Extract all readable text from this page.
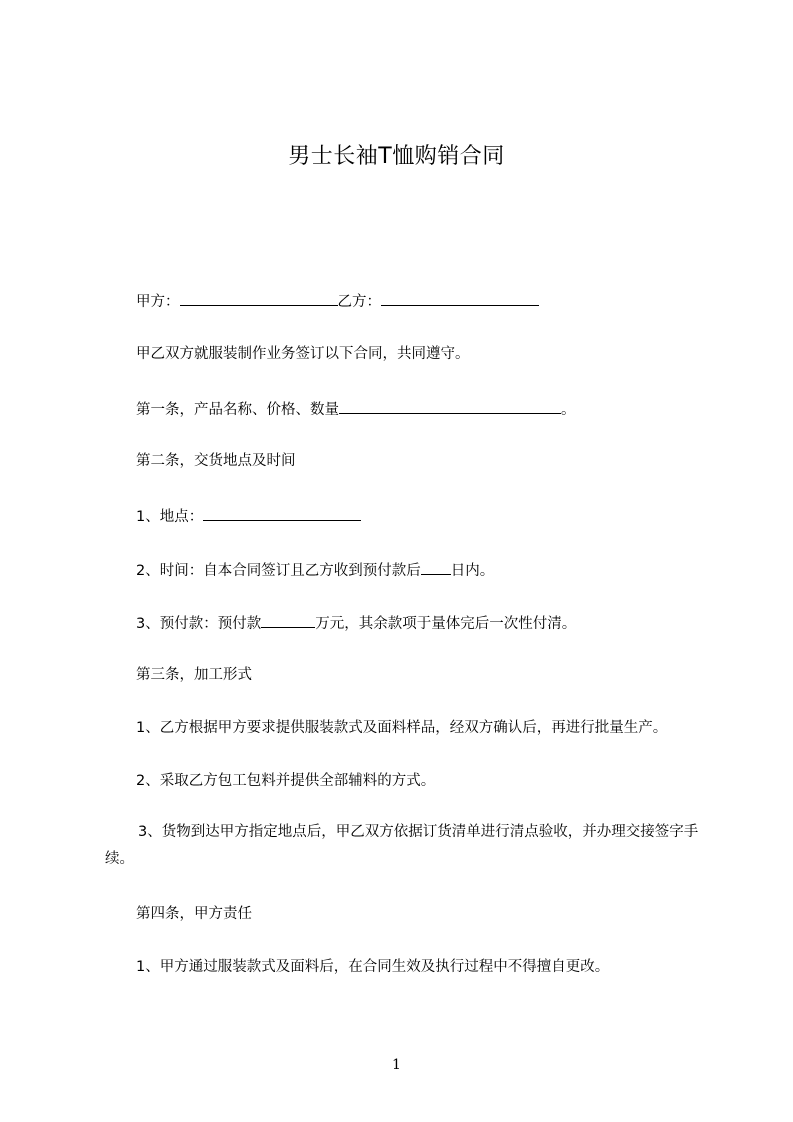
男士长袖T恤购销合同
甲方：	乙方：
甲乙双方就服装制作业务签订以下合同，共同遵守。
第一条，产品名称、价格、数量	。
第二条，交货地点及时间
1、地点：
2、时间：自本合同签订且乙方收到预付款后 日内。
3、预付款：预付款	万元，其余款项于量体完后一次性付清。
第三条，加工形式
1、乙方根据甲方要求提供服装款式及面料样品，经双方确认后，再进行批量生产。
2、采取乙方包工包料并提供全部辅料的方式。
3、货物到达甲方指定地点后，甲乙双方依据订货清单进行清点验收，并办理交接签字手续。
第四条，甲方责任
1、甲方通过服装款式及面料后，在合同生效及执行过程中不得擅自更改。
1
